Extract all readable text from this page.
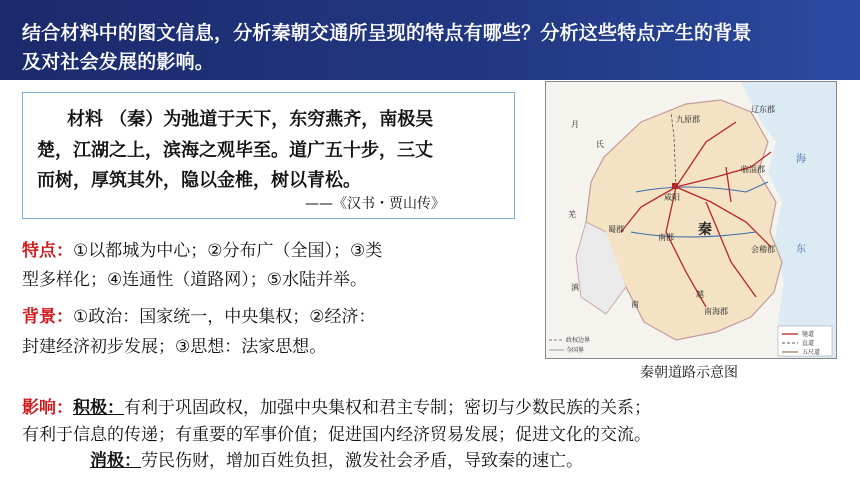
结合材料中的图文信息，分析秦朝交通所呈现的特点有哪些？分析这些特点产生的背景
及对社会发展的影响。
材料 （秦）为弛道于天下，东穷燕齐，南极吴
楚，江湖之上，滨海之观毕至。道广五十步，三丈
而树，厚筑其外，隐以金椎，树以青松。
——《汉书・贾山传》
特点：①以都城为中心；②分布广（全国）；③类
型多样化；④连通性（道路网）；⑤水陆并举。
背景：①政治：国家统一，中央集权；②经济：
封建经济初步发展；③思想：法家思想。
影响：积极：有利于巩固政权，加强中央集权和君主专制；密切与少数民族的关系；
有利于信息的传递；有重要的军事价值；促进国内经济贸易发展；促进文化的交流。
消极：劳民伤财，增加百姓负担，激发社会矛盾，导致秦的速亡。
咸阳
秦
海
东
九原郡
辽东郡
临淄郡
会稽郡
蜀郡
南郡
越
南海郡
月
氏
羌
滇
南
政权边界
今国界
驰道
直道
五尺道
秦朝道路示意图
